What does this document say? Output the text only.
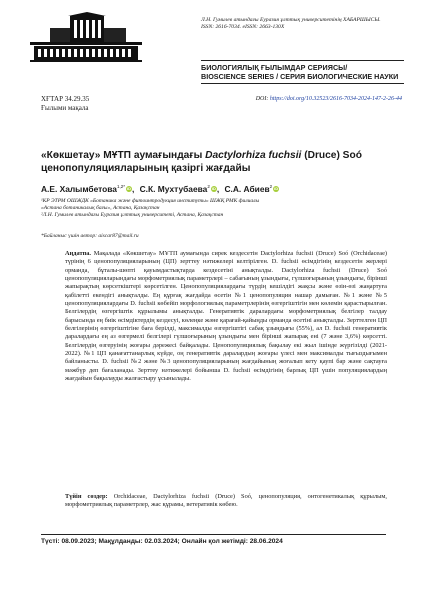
Л.Н. Гумилев атындағы Еуразия ұлттық университетінің ХАБАРШЫСЫ.
ISSN: 2616-7034. eISSN: 2663-130X
БИОЛОГИЯЛЫҚ ҒЫЛЫМДАР СЕРИЯСЫ/
BIOSCIENCE SERIES / СЕРИЯ БИОЛОГИЧЕСКИЕ НАУКИ
ХҒТАР 34.29.35
Ғылыми мақала
DOI: https://doi.org/10.32523/2616-7034-2024-147-2-26-44
«Көкшетау» МҰТП аумағындағы Dactylorhiza fuchsii (Druce) Soó ценопопуляцияларының қазіргі жағдайы
А.Е. Халымбетова$^{1,2*}$ iD, С.К. Мухтубаева$^2$ iD, С.А. Абиев$^2$ iD
¹КР ЭТРМ ОШЖДК «Ботаника және фитоинтродукция институты» ШЖҚ РМК филиалы
«Астана ботаникалық бағы», Астана, Қазақстан
²Л.Н. Гумилев атындағы Еуразия ұлттық университеті, Астана, Қазақстан
*Байланыс үшін автор: aiscar87@mail.ru
Аңдатпа. Мақалада «Көкшетау» МҰТП аумағында сирек кездесетін Dactylorhiza fuchsii (Druce) Soó (Orchidaceae) түрінің 6 ценопопуляцияларының (ЦП) зерттеу нәтижелері келтірілген. D. fuchsii өсімдігінің кездесетін жерлері орманда, бұталы-шөпті қауымдастықтарда кездесетіні анықталды. Dactylorhiza fuchsii (Druce) Soó ценопопуляцияларындағы морфометриялық параметрлері – сабағының ұзындығы, гүлшоғырының ұзындығы, бірінші жапырақтың көрсеткіштері көрсетілген. Ценопопуляциялардағы түрдің кешілдігі жақсы және өзін-өзі жаңартуға қабілетті екендігі анықталды. Ең құрғақ жағдайда өсетін №1 ценопопуляция нашар дамыған. №1 және №5 ценопопуляциялардағы D. fuchsii көбейіп морфологиялық параметрлерінің өзгергіштігін мен көлемін қарастырылған. Белгілердің өзгергіштік құрылымы анықталды. Генеративтік даралардағы морфометриялық белгілер талдау барысында ең биік өсімдіктердің кездесуі, көлеңке және қарағай-қайыңды орманда өсетіні анықталды. Зерттелген ЦП белгілерінің өзгергіштігіне баға берілді, максималды өзгергіштігі сабақ ұзындығы (55%), ал D. fuchsii генеративтік даралардағы ең аз өзгермелі белгілері гүлшоғырының ұзындығы мен бірінші жапырақ ені (7 және 3,6%) көрсетті. Белгілердің өзгеруінің жоғары дәрежесі байқалады. Ценопопуляциялық бақылау екі жыл ішінде жүргізілді (2021-2022). №1 ЦП қанағаттанарлық күйде, оң генеративтік даралардың жоғары үлесі мен максималды тығыздығымен байланысты. D. fuchsii №2 және №3 ценопопуляцияларының жағдайының жоғалып кету қаупі бар және сақтауға мәжбүр деп бағаланады. Зерттеу нәтижелері бойынша D. fuchsii өсімдігінің барлық ЦП үшін популяциялардың жағдайын бақылауды жалғастыру ұсынылады.
Түйін сөздер: Orchidaceae, Dactylorhiza fuchsii (Druce) Soó, ценопопуляция, онтогенетикалық құрылым, морфометриялық параметрлер, жас құрамы, ветеративік көбею.
Түсті: 08.09.2023; Мақұлданды: 02.03.2024; Онлайн қол жетімді: 28.06.2024
